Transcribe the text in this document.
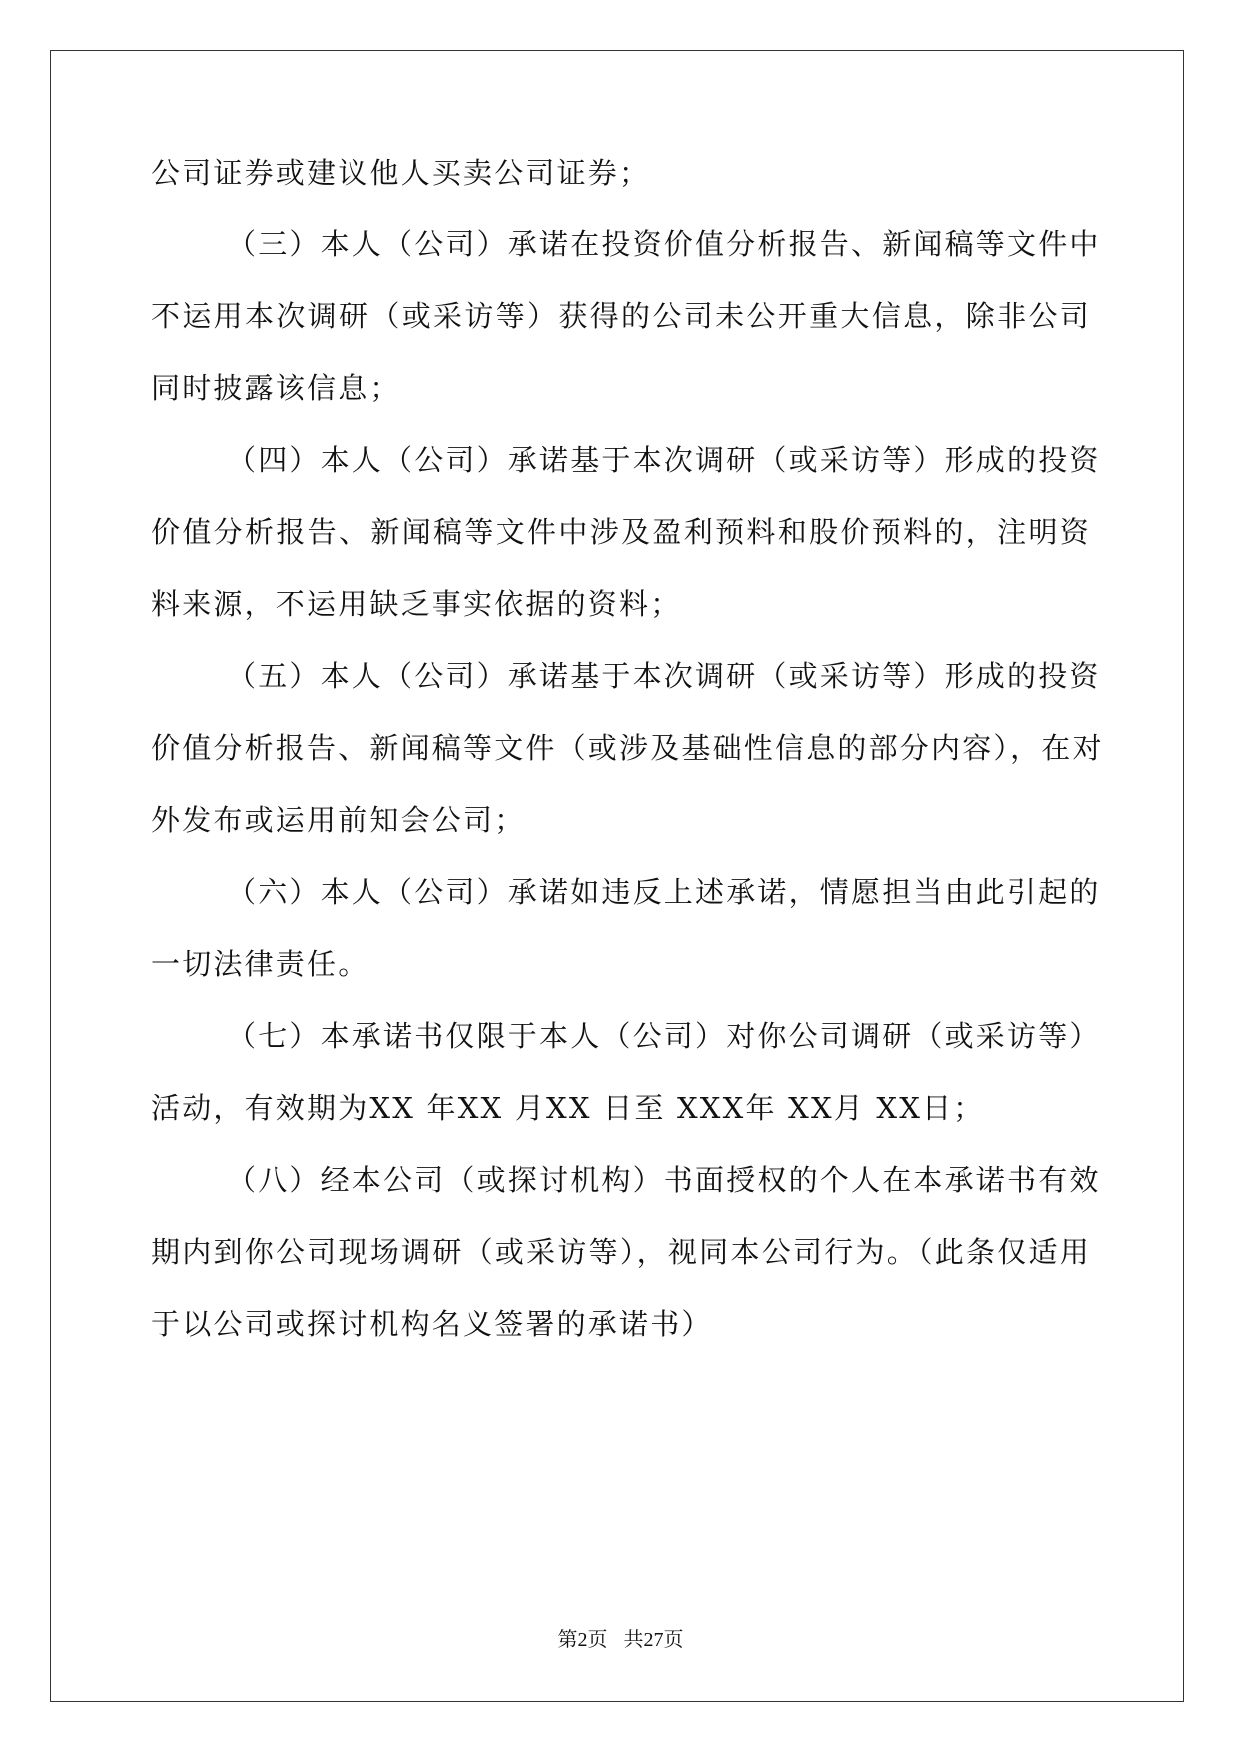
公司证券或建议他人买卖公司证券；
（三）本人（公司）承诺在投资价值分析报告、新闻稿等文件中
不运用本次调研（或采访等）获得的公司未公开重大信息，除非公司
同时披露该信息；
（四）本人（公司）承诺基于本次调研（或采访等）形成的投资
价值分析报告、新闻稿等文件中涉及盈利预料和股价预料的，注明资
料来源，不运用缺乏事实依据的资料；
（五）本人（公司）承诺基于本次调研（或采访等）形成的投资
价值分析报告、新闻稿等文件（或涉及基础性信息的部分内容），在对
外发布或运用前知会公司；
（六）本人（公司）承诺如违反上述承诺，情愿担当由此引起的
一切法律责任。
（七）本承诺书仅限于本人（公司）对你公司调研（或采访等）
活动，有效期为XX 年XX 月XX 日至 XXX年 XX月 XX日；
（八）经本公司（或探讨机构）书面授权的个人在本承诺书有效
期内到你公司现场调研（或采访等），视同本公司行为。（此条仅适用
于以公司或探讨机构名义签署的承诺书）
第2页 共27页
